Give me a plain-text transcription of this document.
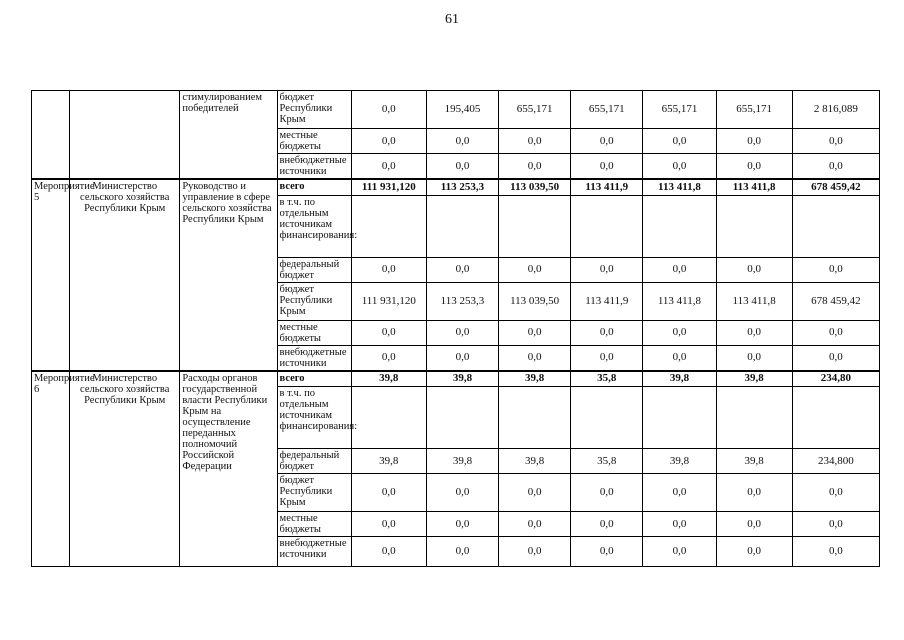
61
		стимулированием победителей	бюджет Республики Крым	0,0	195,405	655,171	655,171	655,171	655,171	2 816,089
			местные бюджеты	0,0	0,0	0,0	0,0	0,0	0,0	0,0
			внебюджетные источники	0,0	0,0	0,0	0,0	0,0	0,0	0,0
Мероприятие 5	Министерство сельского хозяйства Республики Крым	Руководство и управление в сфере сельского хозяйства Республики Крым	всего	111 931,120	113 253,3	113 039,50	113 411,9	113 411,8	113 411,8	678 459,42
			в т.ч. по отдельным источникам финансирования:							
			федеральный бюджет	0,0	0,0	0,0	0,0	0,0	0,0	0,0
			бюджет Республики Крым	111 931,120	113 253,3	113 039,50	113 411,9	113 411,8	113 411,8	678 459,42
			местные бюджеты	0,0	0,0	0,0	0,0	0,0	0,0	0,0
			внебюджетные источники	0,0	0,0	0,0	0,0	0,0	0,0	0,0
Мероприятие 6	Министерство сельского хозяйства Республики Крым	Расходы органов государственной власти Республики Крым на осуществление переданных полномочий Российской Федерации	всего	39,8	39,8	39,8	35,8	39,8	39,8	234,80
			в т.ч. по отдельным источникам финансирования:							
			федеральный бюджет	39,8	39,8	39,8	35,8	39,8	39,8	234,800
			бюджет Республики Крым	0,0	0,0	0,0	0,0	0,0	0,0	0,0
			местные бюджеты	0,0	0,0	0,0	0,0	0,0	0,0	0,0
			внебюджетные источники	0,0	0,0	0,0	0,0	0,0	0,0	0,0
